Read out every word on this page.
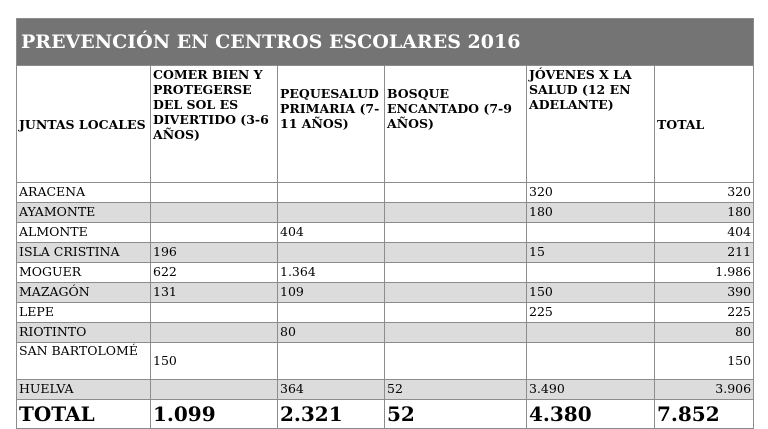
PREVENCIÓN EN CENTROS ESCOLARES 2016					
JUNTAS LOCALES	COMER BIEN Y PROTEGERSE DEL SOL ES DIVERTIDO (3-6 AÑOS)	PEQUESALUD PRIMARIA (7-11 AÑOS)	BOSQUE ENCANTADO (7-9 AÑOS)	JÓVENES X LA SALUD (12 EN ADELANTE)	TOTAL
ARACENA				320	320
AYAMONTE				180	180
ALMONTE		404			404
ISLA CRISTINA	196			15	211
MOGUER	622	1.364			1.986
MAZAGÓN	131	109		150	390
LEPE				225	225
RIOTINTO		80			80
SAN BARTOLOMÉ	150				150
HUELVA		364	52	3.490	3.906
TOTAL	1.099	2.321	52	4.380	7.852
